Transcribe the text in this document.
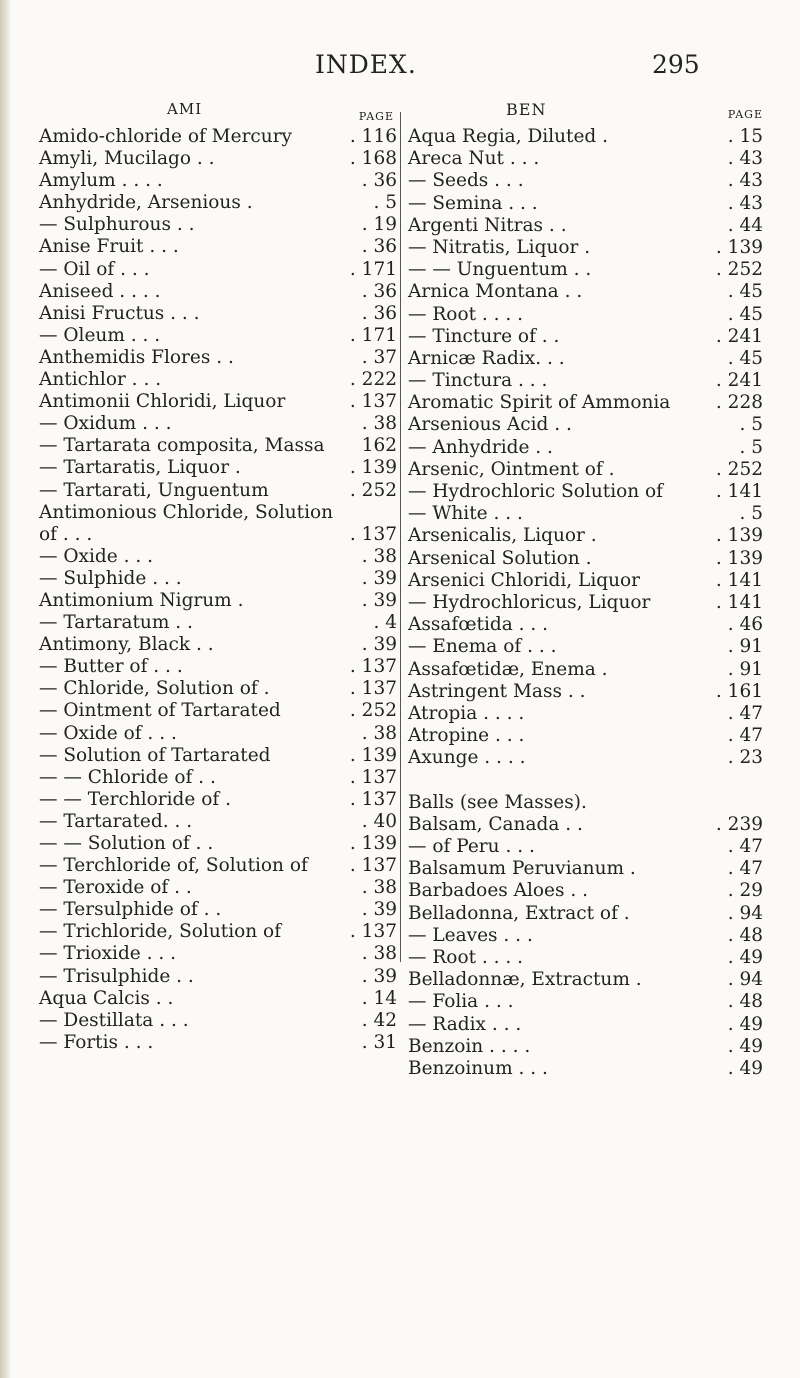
INDEX.	295
AMI	PAGE
Amido-chloride of Mercury	. 116
Amyli, Mucilago . .	. 168
Amylum . . . .	. 36
Anhydride, Arsenious .	. 5
— Sulphurous . .	. 19
Anise Fruit . . .	. 36
— Oil of . . .	. 171
Aniseed . . . .	. 36
Anisi Fructus . . .	. 36
— Oleum . . .	. 171
Anthemidis Flores . .	. 37
Antichlor . . .	. 222
Antimonii Chloridi, Liquor	. 137
— Oxidum . . .	. 38
— Tartarata composita, Massa 162
— Tartaratis, Liquor .	. 139
— Tartarati, Unguentum	. 252
Antimonious Chloride, Solution
of . . .	. 137
— Oxide . . .	. 38
— Sulphide . . .	. 39
Antimonium Nigrum .	. 39
— Tartaratum . .	. 4
Antimony, Black . .	. 39
— Butter of . . .	. 137
— Chloride, Solution of .	. 137
— Ointment of Tartarated	. 252
— Oxide of . . .	. 38
— Solution of Tartarated	. 139
— — Chloride of . .	. 137
— — Terchloride of .	. 137
— Tartarated. . .	. 40
— — Solution of . .	. 139
— Terchloride of, Solution of . 137
— Teroxide of . .	. 38
— Tersulphide of . .	. 39
— Trichloride, Solution of	. 137
— Trioxide . . .	. 38
— Trisulphide . .	. 39
Aqua Calcis . .	. 14
— Destillata . . .	. 42
— Fortis . . .	. 31
BEN	PAGE
Aqua Regia, Diluted .	. 15
Areca Nut . . .	. 43
— Seeds . . .	. 43
— Semina . . .	. 43
Argenti Nitras . .	. 44
— Nitratis, Liquor .	. 139
— — Unguentum . .	. 252
Arnica Montana . .	. 45
— Root . . . .	. 45
— Tincture of . .	. 241
Arnicæ Radix. . .	. 45
— Tinctura . . .	. 241
Aromatic Spirit of Ammonia . 228
Arsenious Acid . .	. 5
— Anhydride . .	. 5
Arsenic, Ointment of .	. 252
— Hydrochloric Solution of	. 141
— White . . .	. 5
Arsenicalis, Liquor .	. 139
Arsenical Solution .	. 139
Arsenici Chloridi, Liquor	. 141
— Hydrochloricus, Liquor	. 141
Assafœtida . . .	. 46
— Enema of . . .	. 91
Assafœtidæ, Enema .	. 91
Astringent Mass . .	. 161
Atropia . . . .	. 47
Atropine . . .	. 47
Axunge . . . .	. 23
Balls (see Masses).
Balsam, Canada . .	. 239
— of Peru . . .	. 47
Balsamum Peruvianum .	. 47
Barbadoes Aloes . .	. 29
Belladonna, Extract of .	. 94
— Leaves . . .	. 48
— Root . . . .	. 49
Belladonnæ, Extractum .	. 94
— Folia . . .	. 48
— Radix . . .	. 49
Benzoin . . . .	. 49
Benzoinum . . .	. 49
